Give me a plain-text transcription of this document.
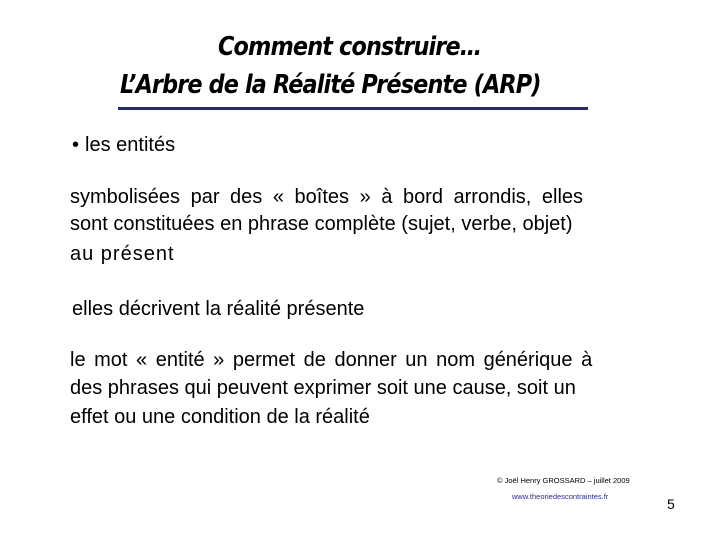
Comment construire…
L’Arbre de la Réalité Présente (ARP)
• les entités
symbolisées par des « boîtes » à bord arrondis, elles
sont constituées en phrase complète (sujet, verbe, objet)
au présent
elles décrivent la réalité présente
le mot « entité » permet de donner un nom générique à
des phrases qui peuvent exprimer soit une cause, soit un
effet ou une condition de la réalité
© Joël Henry GROSSARD – juillet 2009
www.theoriedescontraintes.fr	5
